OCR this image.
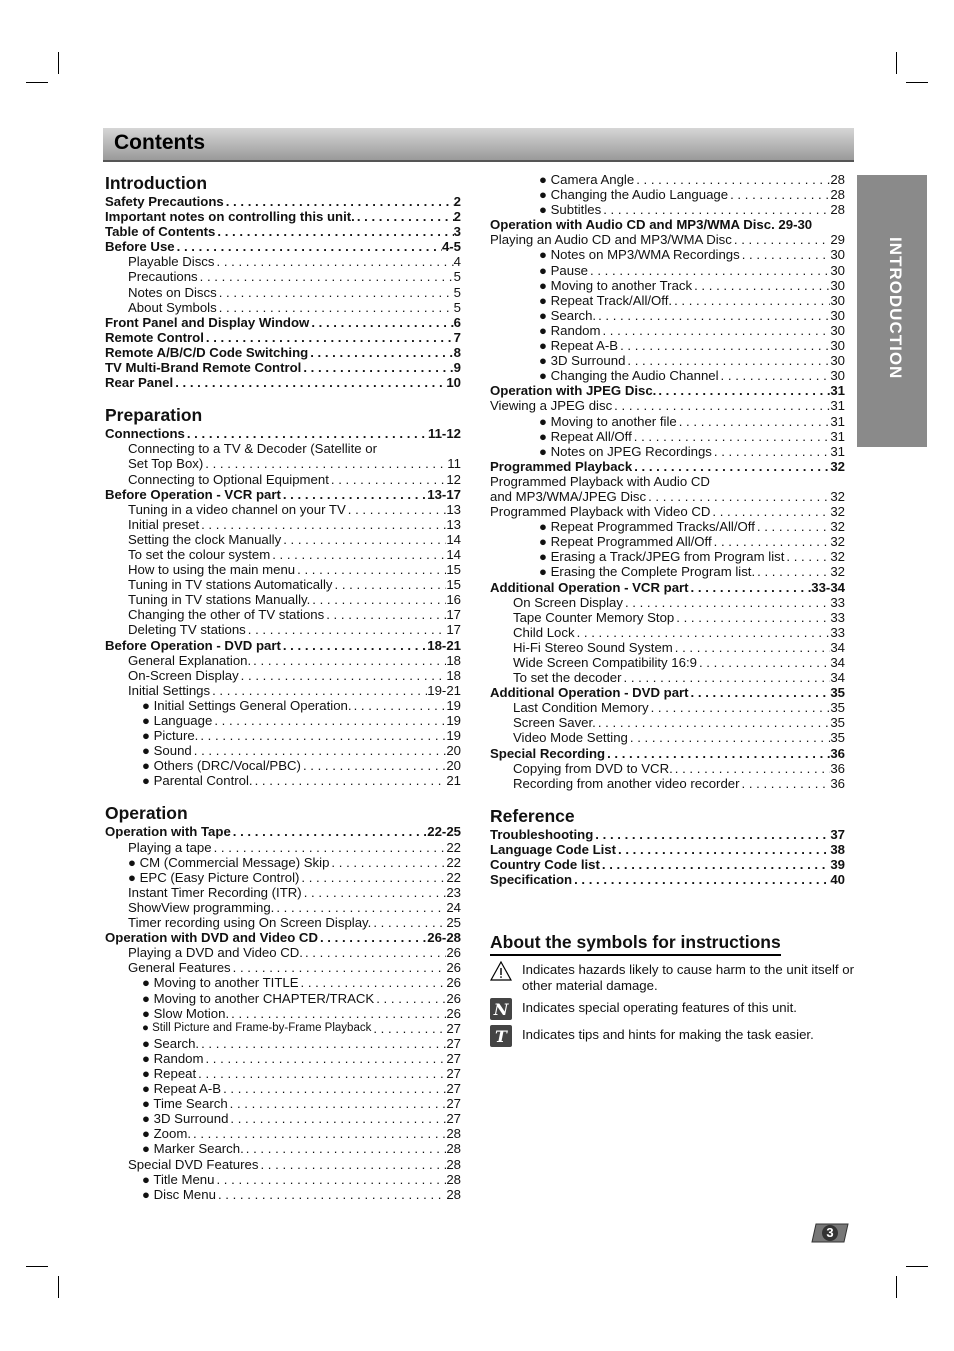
Contents
INTRODUCTION
Introduction
Safety Precautions . . .	2
Important notes on controlling this unit. . . .	2
Table of Contents . . .	3
Before Use . . .	4-5
Playable Discs . . .	4
Precautions . . .	5
Notes on Discs . . .	5
About Symbols . . .	5
Front Panel and Display Window . . .	6
Remote Control . . .	7
Remote A/B/C/D Code Switching . . .	8
TV Multi-Brand Remote Control . . .	9
Rear Panel . . .	10
Preparation
Connections . . .	11-12
Connecting to a TV & Decoder (Satellite or
Set Top Box) . . .	11
Connecting to Optional Equipment . . .	12
Before Operation - VCR part . . .	13-17
Tuning in a video channel on your TV . . .	13
Initial preset . . .	13
Setting the clock Manually . . .	14
To set the colour system . . .	14
How to using the main menu . . .	15
Tuning in TV stations Automatically . . .	15
Tuning in TV stations Manually. . . .	16
Changing the other of TV stations . . .	17
Deleting TV stations . . .	17
Before Operation - DVD part . . .	18-21
General Explanation. . . .	18
On-Screen Display . . .	18
Initial Settings . . .	19-21
● Initial Settings General Operation. . . .	19
● Language . . .	19
● Picture. . . .	19
● Sound . . .	20
● Others (DRC/Vocal/PBC) . . .	20
● Parental Control. . . .	21
Operation
Operation with Tape . . .	22-25
Playing a tape . . .	22
● CM (Commercial Message) Skip . . .	22
● EPC (Easy Picture Control) . . .	22
Instant Timer Recording (ITR) . . .	23
ShowView programming. . . .	24
Timer recording using On Screen Display. . . .	25
Operation with DVD and Video CD . . .	26-28
Playing a DVD and Video CD. . . .	26
General Features . . .	26
● Moving to another TITLE . . .	26
● Moving to another CHAPTER/TRACK . . .	26
● Slow Motion. . . .	26
● Still Picture and Frame-by-Frame Playback . . .	27
● Search. . . .	27
● Random . . .	27
● Repeat . . .	27
● Repeat A-B . . .	27
● Time Search . . .	27
● 3D Surround . . .	27
● Zoom. . . .	28
● Marker Search. . . .	28
Special DVD Features . . .	28
● Title Menu . . .	28
● Disc Menu . . .	28
● Camera Angle . . .	28
● Changing the Audio Language . . .	28
● Subtitles . . .	28
Operation with Audio CD and MP3/WMA Disc. 29-30
Playing an Audio CD and MP3/WMA Disc . . .	29
● Notes on MP3/WMA Recordings . . .	30
● Pause . . .	30
● Moving to another Track . . .	30
● Repeat Track/All/Off. . . .	30
● Search. . . .	30
● Random . . .	30
● Repeat A-B . . .	30
● 3D Surround . . .	30
● Changing the Audio Channel . . .	30
Operation with JPEG Disc. . . .	31
Viewing a JPEG disc . . .	31
● Moving to another file . . .	31
● Repeat All/Off . . .	31
● Notes on JPEG Recordings . . .	31
Programmed Playback . . .	32
Programmed Playback with Audio CD
and MP3/WMA/JPEG Disc . . .	32
Programmed Playback with Video CD . . .	32
● Repeat Programmed Tracks/All/Off . . .	32
● Repeat Programmed All/Off . . .	32
● Erasing a Track/JPEG from Program list . . .	32
● Erasing the Complete Program list. . . .	32
Additional Operation - VCR part . . .	33-34
On Screen Display . . .	33
Tape Counter Memory Stop . . .	33
Child Lock . . .	33
Hi-Fi Stereo Sound System . . .	34
Wide Screen Compatibility 16:9 . . .	34
To set the decoder . . .	34
Additional Operation - DVD part . . .	35
Last Condition Memory . . .	35
Screen Saver. . . .	35
Video Mode Setting . . .	35
Special Recording . . .	36
Copying from DVD to VCR. . . .	36
Recording from another video recorder . . .	36
Reference
Troubleshooting . . .	37
Language Code List . . .	38
Country Code list . . .	39
Specification . . .	40
About the symbols for instructions
Indicates hazards likely to cause harm to the unit itself or other material damage.
N Indicates special operating features of this unit.
T Indicates tips and hints for making the task easier.
3
